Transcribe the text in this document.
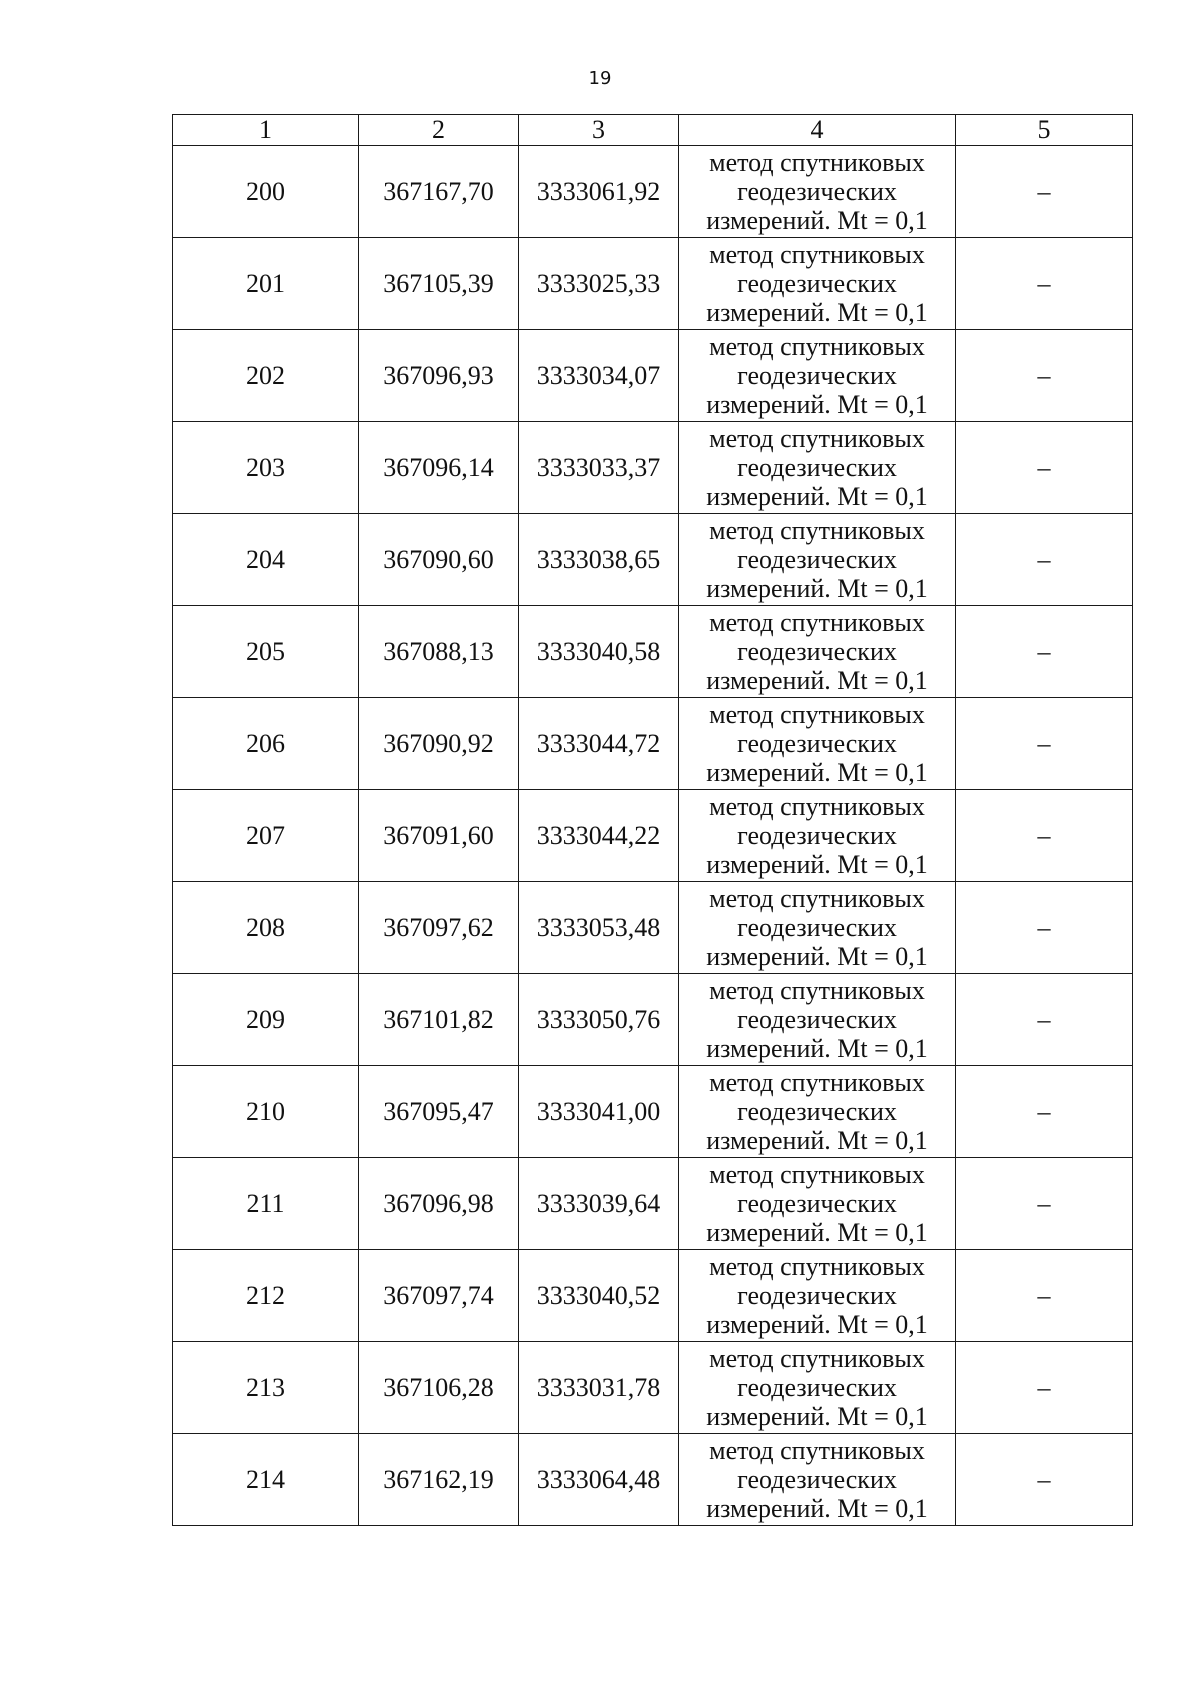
19
1	2	3	4	5
200	367167,70	3333061,92	метод спутниковых
геодезических
измерений. Mt = 0,1	–
201	367105,39	3333025,33	метод спутниковых
геодезических
измерений. Mt = 0,1	–
202	367096,93	3333034,07	метод спутниковых
геодезических
измерений. Mt = 0,1	–
203	367096,14	3333033,37	метод спутниковых
геодезических
измерений. Mt = 0,1	–
204	367090,60	3333038,65	метод спутниковых
геодезических
измерений. Mt = 0,1	–
205	367088,13	3333040,58	метод спутниковых
геодезических
измерений. Mt = 0,1	–
206	367090,92	3333044,72	метод спутниковых
геодезических
измерений. Mt = 0,1	–
207	367091,60	3333044,22	метод спутниковых
геодезических
измерений. Mt = 0,1	–
208	367097,62	3333053,48	метод спутниковых
геодезических
измерений. Mt = 0,1	–
209	367101,82	3333050,76	метод спутниковых
геодезических
измерений. Mt = 0,1	–
210	367095,47	3333041,00	метод спутниковых
геодезических
измерений. Mt = 0,1	–
211	367096,98	3333039,64	метод спутниковых
геодезических
измерений. Mt = 0,1	–
212	367097,74	3333040,52	метод спутниковых
геодезических
измерений. Mt = 0,1	–
213	367106,28	3333031,78	метод спутниковых
геодезических
измерений. Mt = 0,1	–
214	367162,19	3333064,48	метод спутниковых
геодезических
измерений. Mt = 0,1	–
